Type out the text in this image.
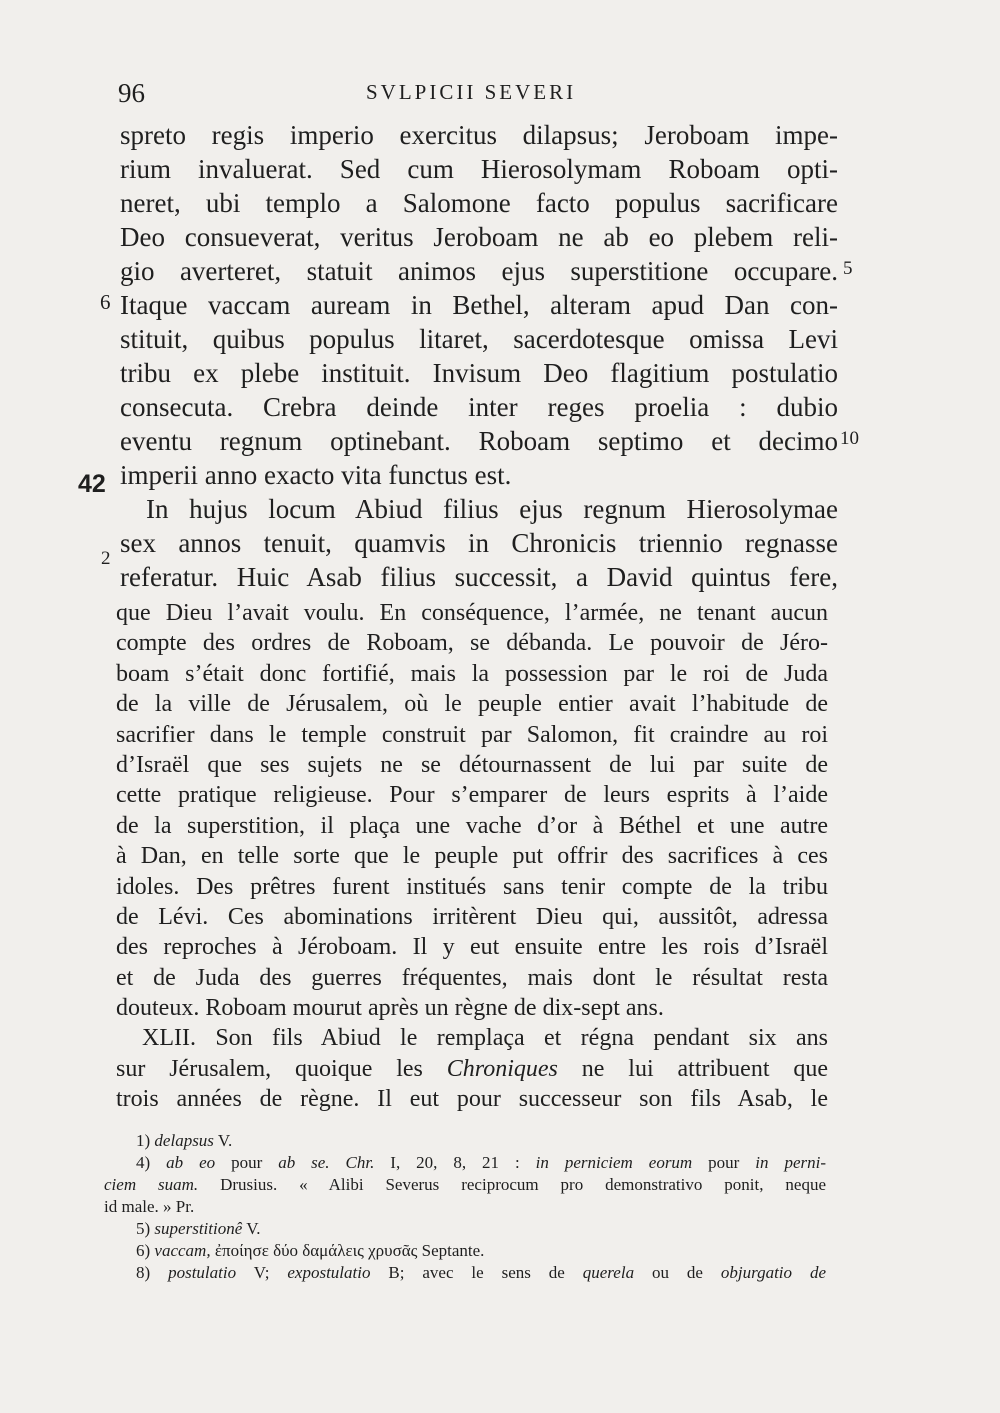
96	SVLPICII SEVERI
5
6
10
42
2
spreto regis imperio exercitus dilapsus; Jeroboam impe-
rium invaluerat. Sed cum Hierosolymam Roboam opti-
neret, ubi templo a Salomone facto populus sacrificare
Deo consueverat, veritus Jeroboam ne ab eo plebem reli-
gio averteret, statuit animos ejus superstitione occupare.
Itaque vaccam auream in Bethel, alteram apud Dan con-
stituit, quibus populus litaret, sacerdotesque omissa Levi
tribu ex plebe instituit. Invisum Deo flagitium postulatio
consecuta. Crebra deinde inter reges proelia : dubio
eventu regnum optinebant. Roboam septimo et decimo
imperii anno exacto vita functus est.
In hujus locum Abiud filius ejus regnum Hierosolymae
sex annos tenuit, quamvis in Chronicis triennio regnasse
referatur. Huic Asab filius successit, a David quintus fere,
que Dieu l’avait voulu. En conséquence, l’armée, ne tenant aucun
compte des ordres de Roboam, se débanda. Le pouvoir de Jéro-
boam s’était donc fortifié, mais la possession par le roi de Juda
de la ville de Jérusalem, où le peuple entier avait l’habitude de
sacrifier dans le temple construit par Salomon, fit craindre au roi
d’Israël que ses sujets ne se détournassent de lui par suite de
cette pratique religieuse. Pour s’emparer de leurs esprits à l’aide
de la superstition, il plaça une vache d’or à Béthel et une autre
à Dan, en telle sorte que le peuple put offrir des sacrifices à ces
idoles. Des prêtres furent institués sans tenir compte de la tribu
de Lévi. Ces abominations irritèrent Dieu qui, aussitôt, adressa
des reproches à Jéroboam. Il y eut ensuite entre les rois d’Israël
et de Juda des guerres fréquentes, mais dont le résultat resta
douteux. Roboam mourut après un règne de dix-sept ans.
XLII. Son fils Abiud le remplaça et régna pendant six ans
sur Jérusalem, quoique les Chroniques ne lui attribuent que
trois années de règne. Il eut pour successeur son fils Asab, le
1) delapsus V.
4) ab eo pour ab se. Chr. I, 20, 8, 21 : in perniciem eorum pour in perni-
ciem suam. Drusius. « Alibi Severus reciprocum pro demonstrativo ponit, neque
id male. » Pr.
5) superstitionê V.
6) vaccam, ἐποίησε δύο δαμάλεις χρυσᾶς Septante.
8) postulatio V; expostulatio B; avec le sens de querela ou de objurgatio de
